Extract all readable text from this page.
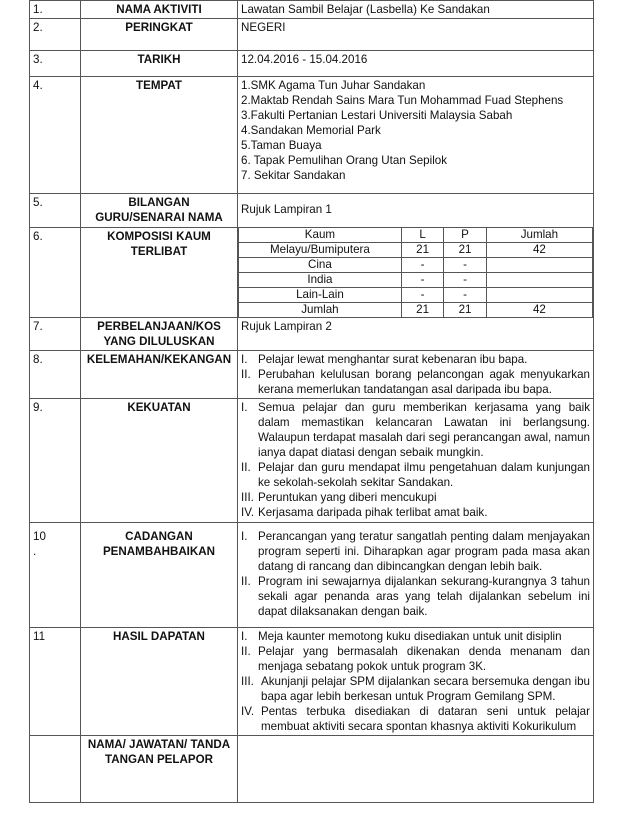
1.	NAMA AKTIVITI	Lawatan Sambil Belajar (Lasbella) Ke Sandakan
2.	PERINGKAT	NEGERI
3.	TARIKH	12.04.2016 - 15.04.2016
4.	TEMPAT	1.SMK Agama Tun Juhar Sandakan
2.Maktab Rendah Sains Mara Tun Mohammad Fuad Stephens
3.Fakulti Pertanian Lestari Universiti Malaysia Sabah
4.Sandakan Memorial Park
5.Taman Buaya
6. Tapak Pemulihan Orang Utan Sepilok
7. Sekitar Sandakan

5.	BILANGAN GURU/SENARAI NAMA	Rujuk Lampiran 1
6.	KOMPOSISI KAUM TERLIBAT	
Kaum	L	P	Jumlah
Melayu/Bumiputera	21	21	42
Cina	-	-	
India	-	-	
Lain-Lain	-	-	
Jumlah	21	21	42

7.	PERBELANJAAN/KOS YANG DILULUSKAN	Rujuk Lampiran 2
8.	KELEMAHAN/KEKANGAN	I. Pelajar lewat menghantar surat kebenaran ibu bapa.
II. Perubahan kelulusan borang pelancongan agak menyukarkan kerana memerlukan tandatangan asal daripada ibu bapa.

9.	KEKUATAN	I. Semua pelajar dan guru memberikan kerjasama yang baik dalam memastikan kelancaran Lawatan ini berlangsung. Walaupun terdapat masalah dari segi perancangan awal, namun ianya dapat diatasi dengan sebaik mungkin.
II. Pelajar dan guru mendapat ilmu pengetahuan dalam kunjungan ke sekolah-sekolah sekitar Sandakan.
III. Peruntukan yang diberi mencukupi
IV. Kerjasama daripada pihak terlibat amat baik.

10
.	CADANGAN PENAMBAHBAIKAN	
I. Perancangan yang teratur sangatlah penting dalam menjayakan program seperti ini. Diharapkan agar program pada masa akan datang di rancang dan dibincangkan dengan lebih baik.
II. Program ini sewajarnya dijalankan sekurang-kurangnya 3 tahun sekali agar penanda aras yang telah dijalankan sebelum ini dapat dilaksanakan dengan baik.

11	HASIL DAPATAN	I. Meja kaunter memotong kuku disediakan untuk unit disiplin
II. Pelajar yang bermasalah dikenakan denda menanam dan menjaga sebatang pokok untuk program 3K.
III. Akunjanji pelajar SPM dijalankan secara bersemuka dengan ibu bapa agar lebih berkesan untuk Program Gemilang SPM.
IV. Pentas terbuka disediakan di dataran seni untuk pelajar membuat aktiviti secara spontan khasnya aktiviti Kokurikulum

	NAMA/ JAWATAN/ TANDA TANGAN PELAPOR	
